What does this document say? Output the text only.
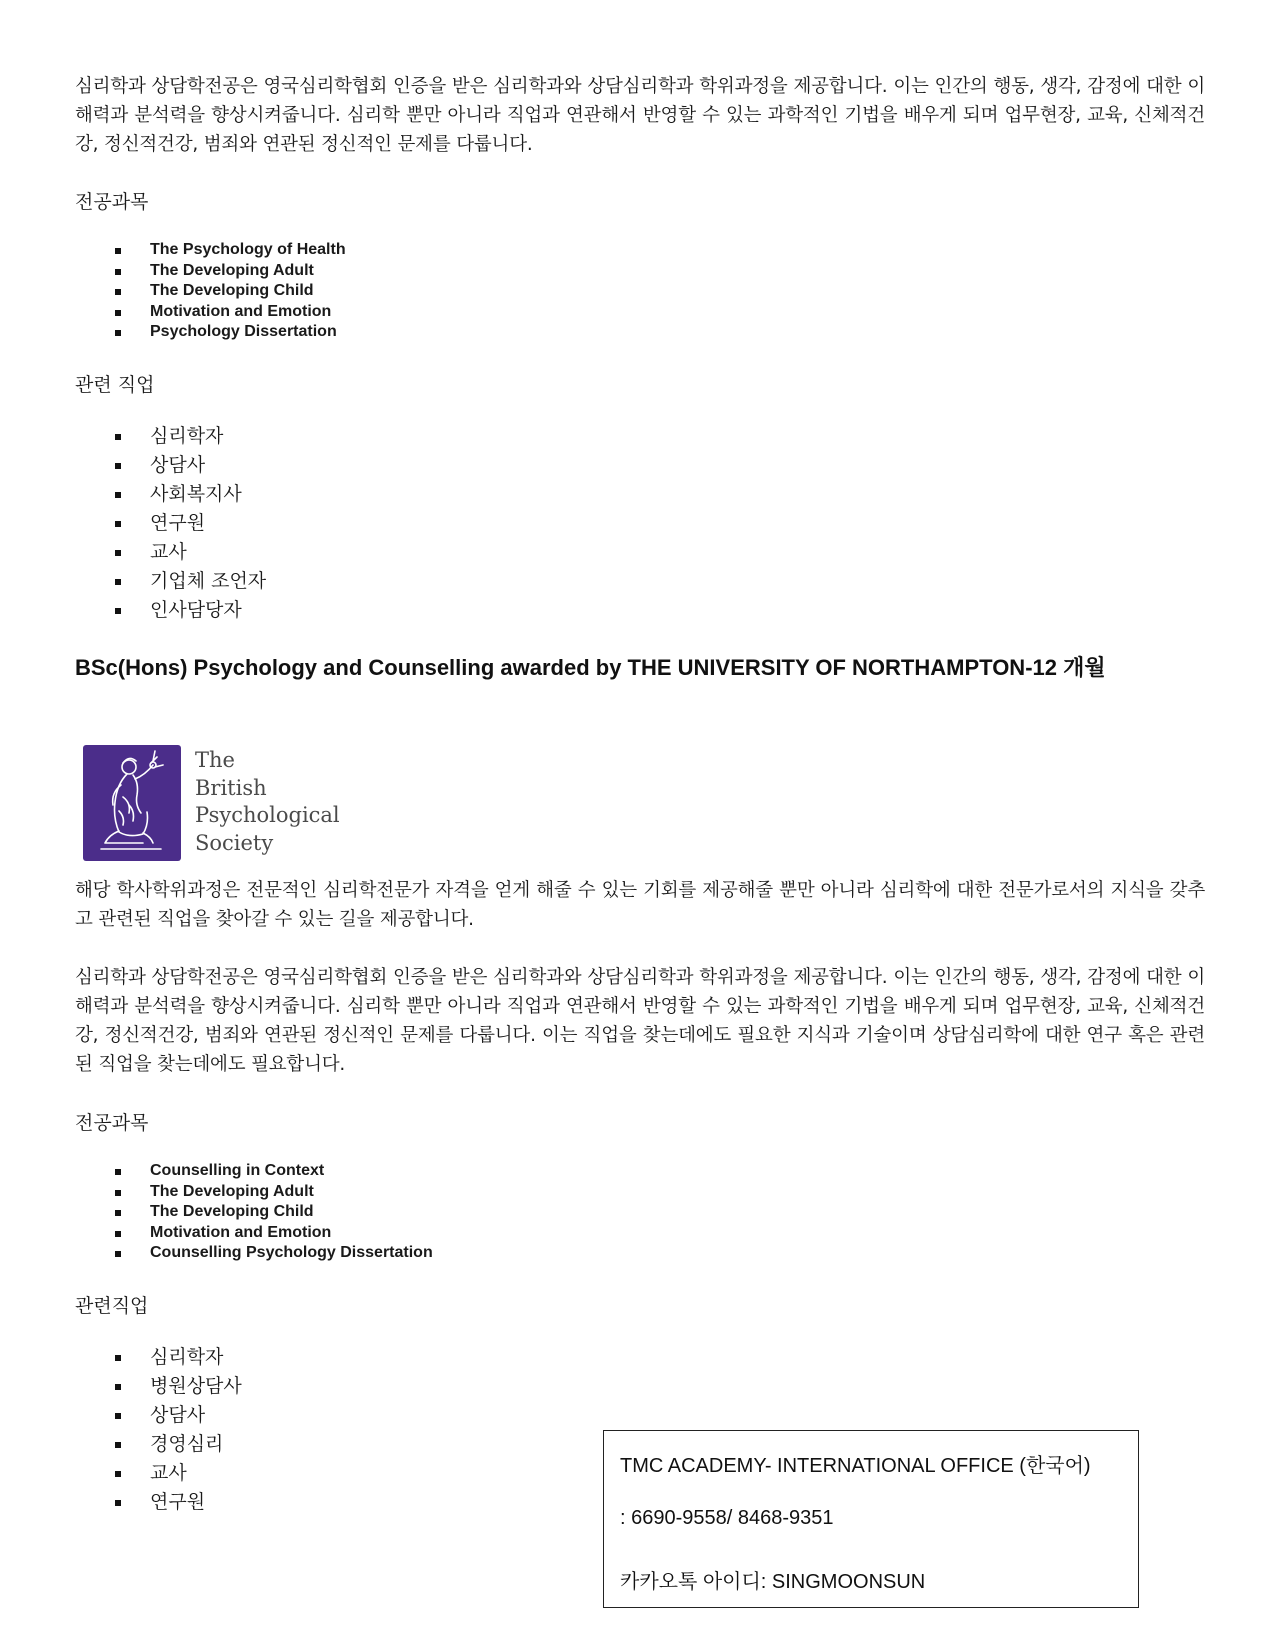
심리학과 상담학전공은 영국심리학협회 인증을 받은 심리학과와 상담심리학과 학위과정을 제공합니다. 이는 인간의 행동, 생각, 감정에 대한 이해력과 분석력을 향상시켜줍니다. 심리학 뿐만 아니라 직업과 연관해서 반영할 수 있는 과학적인 기법을 배우게 되며 업무현장, 교육, 신체적건강, 정신적건강, 범죄와 연관된 정신적인 문제를 다룹니다.

전공과목

The Psychology of Health
The Developing Adult
The Developing Child
Motivation and Emotion
Psychology Dissertation

관련 직업

심리학자
상담사
사회복지사
연구원
교사
기업체 조언자
인사담당자

BSc(Hons) Psychology and Counselling awarded by THE UNIVERSITY OF NORTHAMPTON-12 개월

해당 학사학위과정은 전문적인 심리학전문가 자격을 얻게 해줄 수 있는 기회를 제공해줄 뿐만 아니라 심리학에 대한 전문가로서의 지식을 갖추고 관련된 직업을 찾아갈 수 있는 길을 제공합니다.

심리학과 상담학전공은 영국심리학협회 인증을 받은 심리학과와 상담심리학과 학위과정을 제공합니다. 이는 인간의 행동, 생각, 감정에 대한 이해력과 분석력을 향상시켜줍니다. 심리학 뿐만 아니라 직업과 연관해서 반영할 수 있는 과학적인 기법을 배우게 되며 업무현장, 교육, 신체적건강, 정신적건강, 범죄와 연관된 정신적인 문제를 다룹니다. 이는 직업을 찾는데에도 필요한 지식과 기술이며 상담심리학에 대한 연구 혹은 관련된 직업을 찾는데에도 필요합니다.

전공과목

Counselling in Context
The Developing Adult
The Developing Child
Motivation and Emotion
Counselling Psychology Dissertation

관련직업

심리학자
병원상담사
상담사
경영심리
교사
연구원
The
British
Psychological
Society
TMC ACADEMY- INTERNATIONAL OFFICE (한국어)
: 6690-9558/ 8468-9351
카카오톡 아이디: SINGMOONSUN
